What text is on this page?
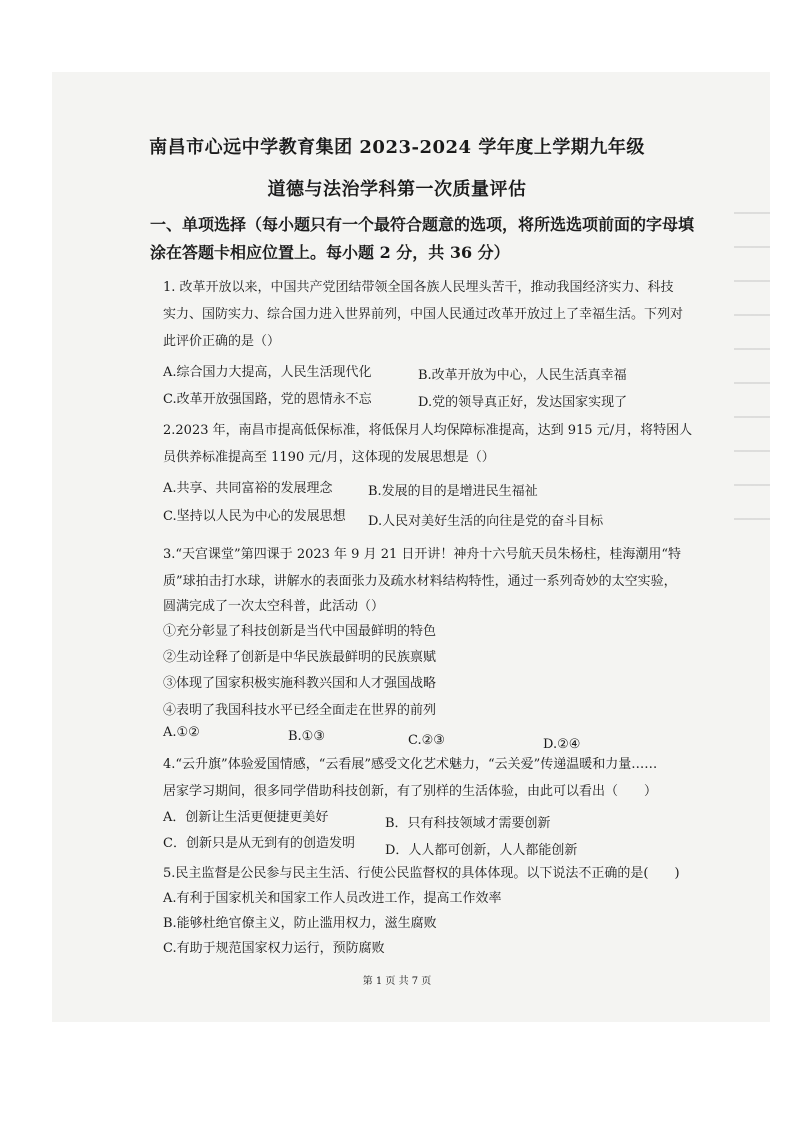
南昌市心远中学教育集团 2023-2024 学年度上学期九年级
道德与法治学科第一次质量评估
一、单项选择（每小题只有一个最符合题意的选项，将所选选项前面的字母填
涂在答题卡相应位置上。每小题 2 分，共 36 分）
1. 改革开放以来，中国共产党团结带领全国各族人民埋头苦干，推动我国经济实力、科技
实力、国防实力、综合国力进入世界前列，中国人民通过改革开放过上了幸福生活。下列对
此评价正确的是（）
A.综合国力大提高，人民生活现代化	B.改革开放为中心，人民生活真幸福
C.改革开放强国路，党的恩情永不忘	D.党的领导真正好，发达国家实现了
2.2023 年，南昌市提高低保标准，将低保月人均保障标准提高，达到 915 元/月，将特困人
员供养标准提高至 1190 元/月，这体现的发展思想是（）
A.共享、共同富裕的发展理念	B.发展的目的是增进民生福祉
C.坚持以人民为中心的发展思想 D.人民对美好生活的向往是党的奋斗目标
3.“天宫课堂”第四课于 2023 年 9 月 21 日开讲！神舟十六号航天员朱杨柱，桂海潮用“特
质”球拍击打水球，讲解水的表面张力及疏水材料结构特性，通过一系列奇妙的太空实验，
圆满完成了一次太空科普，此活动（）
①充分彰显了科技创新是当代中国最鲜明的特色
②生动诠释了创新是中华民族最鲜明的民族禀赋
③体现了国家积极实施科教兴国和人才强国战略
④表明了我国科技水平已经全面走在世界的前列
A.①②	B.①③	C.②③	D.②④
4.“云升旗”体验爱国情感，“云看展”感受文化艺术魅力，“云关爱”传递温暖和力量……
居家学习期间，很多同学借助科技创新，有了别样的生活体验，由此可以看出（　　）
A．创新让生活更便捷更美好	B．只有科技领域才需要创新
C．创新只是从无到有的创造发明 D．人人都可创新，人人都能创新
5.民主监督是公民参与民主生活、行使公民监督权的具体体现。以下说法不正确的是(　　)
A.有利于国家机关和国家工作人员改进工作，提高工作效率
B.能够杜绝官僚主义，防止滥用权力，滋生腐败
C.有助于规范国家权力运行，预防腐败
第 1 页 共 7 页
